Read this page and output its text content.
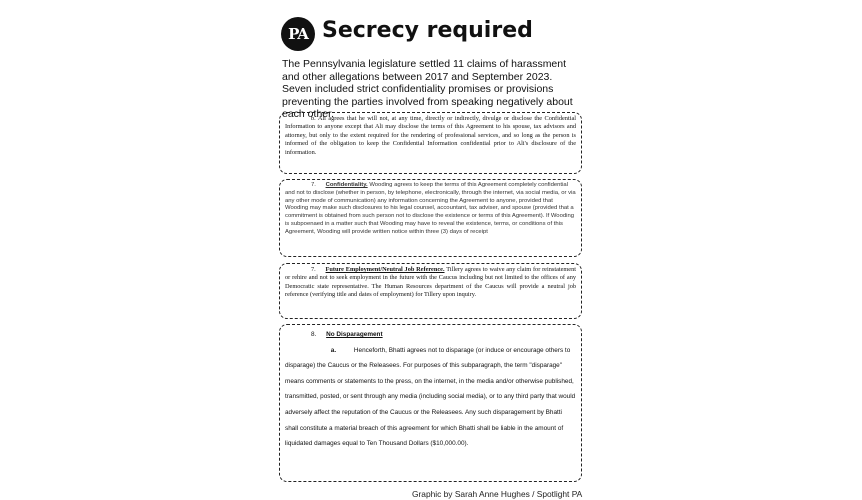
PA Secrecy required

The Pennsylvania legislature settled 11 claims of harassment and other allegations between 2017 and September 2023. Seven included strict confidentiality promises or provisions preventing the parties involved from speaking negatively about each other.

b. Ali agrees that he will not, at any time, directly or indirectly, divulge or disclose the Confidential Information to anyone except that Ali may disclose the terms of this Agreement to his spouse, tax advisors and attorney, but only to the extent required for the rendering of professional services, and so long as the person is informed of the obligation to keep the Confidential Information confidential prior to Ali's disclosure of the information.

7. Confidentiality. Wooding agrees to keep the terms of this Agreement completely confidential and not to disclose (whether in person, by telephone, electronically, through the internet, via social media, or via any other mode of communication) any information concerning the Agreement to anyone, provided that Wooding may make such disclosures to his legal counsel, accountant, tax adviser, and spouse (provided that a commitment is obtained from such person not to disclose the existence or terms of this Agreement). If Wooding is subpoenaed in a matter such that Wooding may have to reveal the existence, terms, or conditions of this Agreement, Wooding will provide written notice within three (3) days of receipt

7. Future Employment/Neutral Job Reference. Tillery agrees to waive any claim for reinstatement or rehire and not to seek employment in the future with the Caucus including but not limited to the offices of any Democratic state representative. The Human Resources department of the Caucus will provide a neutral job reference (verifying title and dates of employment) for Tillery upon inquiry.

8. No Disparagement

a.	Henceforth, Bhatti agrees not to disparage (or induce or encourage others to disparage) the Caucus or the Releasees. For purposes of this subparagraph, the term "disparage" means comments or statements to the press, on the internet, in the media and/or otherwise published, transmitted, posted, or sent through any media (including social media), or to any third party that would adversely affect the reputation of the Caucus or the Releasees. Any such disparagement by Bhatti shall constitute a material breach of this agreement for which Bhatti shall be liable in the amount of liquidated damages equal to Ten Thousand Dollars ($10,000.00).

Graphic by Sarah Anne Hughes / Spotlight PA
